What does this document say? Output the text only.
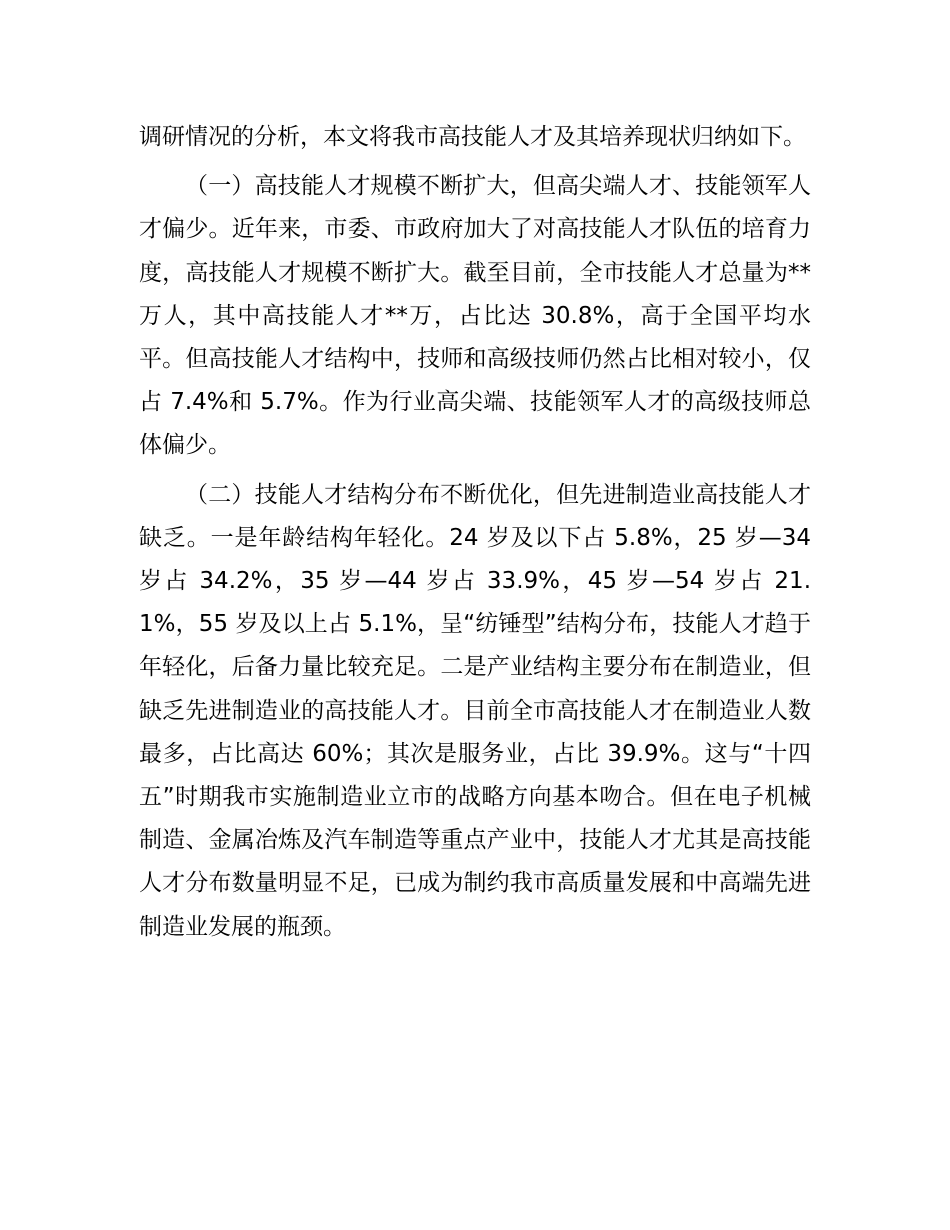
调研情况的分析，本文将我市高技能人才及其培养现状归纳如下。

（一）高技能人才规模不断扩大，但高尖端人才、技能领军人才偏少。近年来，市委、市政府加大了对高技能人才队伍的培育力度，高技能人才规模不断扩大。截至目前，全市技能人才总量为**万人，其中高技能人才**万，占比达 30.8%，高于全国平均水平。但高技能人才结构中，技师和高级技师仍然占比相对较小，仅占 7.4%和 5.7%。作为行业高尖端、技能领军人才的高级技师总体偏少。

（二）技能人才结构分布不断优化，但先进制造业高技能人才缺乏。一是年龄结构年轻化。24 岁及以下占 5.8%，25 岁—34 岁占 34.2%，35 岁—44 岁占 33.9%，45 岁—54 岁占 21.1%，55 岁及以上占 5.1%，呈“纺锤型”结构分布，技能人才趋于年轻化，后备力量比较充足。二是产业结构主要分布在制造业，但缺乏先进制造业的高技能人才。目前全市高技能人才在制造业人数最多，占比高达 60%；其次是服务业，占比 39.9%。这与“十四五”时期我市实施制造业立市的战略方向基本吻合。但在电子机械制造、金属冶炼及汽车制造等重点产业中，技能人才尤其是高技能人才分布数量明显不足，已成为制约我市高质量发展和中高端先进制造业发展的瓶颈。
